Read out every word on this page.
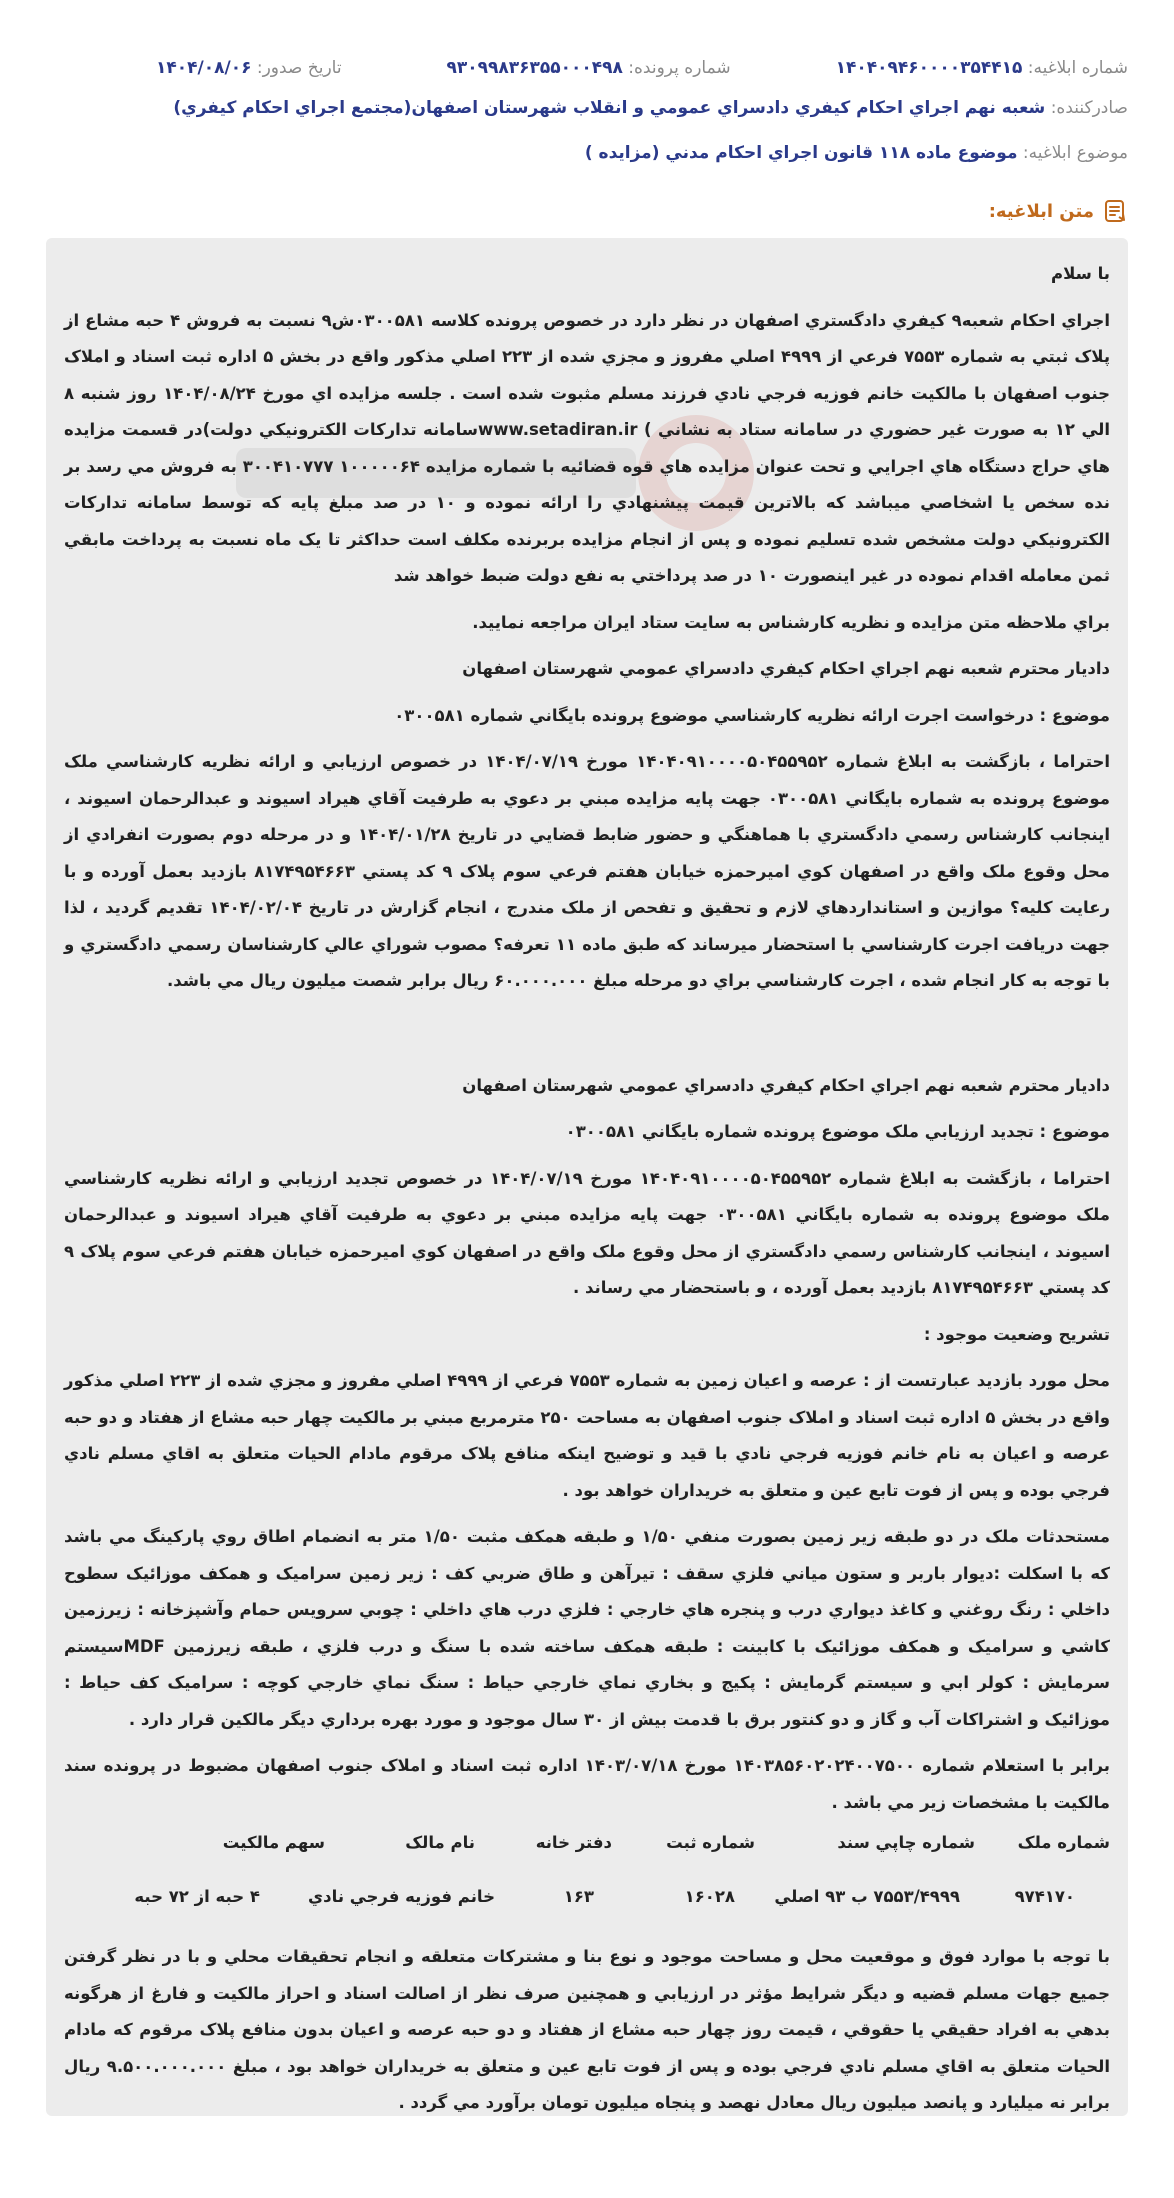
شماره ابلاغيه: ۱۴۰۴۰۹۴۶۰۰۰۰۳۵۴۴۱۵
شماره پرونده: ۹۳۰۹۹۸۳۶۳۵۵۰۰۰۴۹۸
تاريخ صدور: ۱۴۰۴/۰۸/۰۶
صادرکننده: شعبه نهم اجراي احکام کيفري دادسراي عمومي و انقلاب شهرستان اصفهان(مجتمع اجراي احکام کيفري)
موضوع ابلاغيه: موضوع ماده ۱۱۸ قانون اجراي احکام مدني (مزايده )
متن ابلاغيه:

با سلام

اجراي احکام شعبه۹ کيفري دادگستري اصفهان در نظر دارد در خصوص پرونده کلاسه ۰۳۰۰۵۸۱ش۹ نسبت به فروش ۴ حبه مشاع از پلاک ثبتي به شماره ۷۵۵۳ فرعي از ۴۹۹۹ اصلي مفروز و مجزي شده از ۲۲۳ اصلي مذکور واقع در بخش ۵ اداره ثبت اسناد و املاک جنوب اصفهان با مالکيت خانم فوزيه فرجي نادي فرزند مسلم مثبوت شده است . جلسه مزايده اي مورخ ۱۴۰۴/۰۸/۲۴ روز شنبه ۸ الي ۱۲ به صورت غير حضوري در سامانه ستاد به نشاني ) www.setadiran.irسامانه تدارکات الکترونيکي دولت)در قسمت مزايده هاي حراج دستگاه هاي اجرايي و تحت عنوان مزايده هاي قوه قضائيه با شماره مزايده ۱۰۰۰۰۰۶۴ ۳۰۰۴۱۰۷۷۷ به فروش مي رسد بر نده سخص يا اشخاصي ميباشد که بالاترين قيمت پيشنهادي را ارائه نموده و ۱۰ در صد مبلغ پايه که توسط سامانه تدارکات الکترونيکي دولت مشخص شده تسليم نموده و پس از انجام مزايده بربرنده مکلف است حداکثر تا يک ماه نسبت به پرداخت مابقي ثمن معامله اقدام نموده در غير اينصورت ۱۰ در صد پرداختي به نفع دولت ضبط خواهد شد

براي ملاحظه متن مزايده و نظريه کارشناس به سايت ستاد ايران مراجعه نماييد.

داديار محترم شعبه نهم اجراي احکام کيفري دادسراي عمومي شهرستان اصفهان

موضوع : درخواست اجرت ارائه نظريه کارشناسي موضوع پرونده بايگاني شماره ۰۳۰۰۵۸۱

احتراما ، بازگشت به ابلاغ شماره ۱۴۰۴۰۹۱۰۰۰۰۵۰۴۵۵۹۵۲ مورخ ۱۴۰۴/۰۷/۱۹ در خصوص ارزيابي و ارائه نظريه کارشناسي ملک موضوع پرونده به شماره بايگاني ۰۳۰۰۵۸۱ جهت پايه مزايده مبني بر دعوي به طرفيت آقاي هيراد اسيوند و عبدالرحمان اسيوند ، اينجانب کارشناس رسمي دادگستري با هماهنگي و حضور ضابط قضايي در تاريخ ۱۴۰۴/۰۱/۲۸ و در مرحله دوم بصورت انفرادي از محل وقوع ملک واقع در اصفهان کوي اميرحمزه خيابان هفتم فرعي سوم پلاک ۹ کد پستي ۸۱۷۴۹۵۴۶۶۳ بازديد بعمل آورده و با رعايت کليه؟ موازين و استانداردهاي لازم و تحقيق و تفحص از ملک مندرج ، انجام گزارش در تاريخ ۱۴۰۴/۰۲/۰۴ تقديم گرديد ، لذا جهت دريافت اجرت کارشناسي با استحضار ميرساند که طبق ماده ۱۱ تعرفه؟ مصوب شوراي عالي کارشناسان رسمي دادگستري و با توجه به کار انجام شده ، اجرت کارشناسي براي دو مرحله مبلغ ۶۰.۰۰۰.۰۰۰ ريال برابر شصت ميليون ريال مي باشد.

داديار محترم شعبه نهم اجراي احکام کيفري دادسراي عمومي شهرستان اصفهان

موضوع : تجديد ارزيابي ملک موضوع پرونده شماره بايگاني ۰۳۰۰۵۸۱

احتراما ، بازگشت به ابلاغ شماره ۱۴۰۴۰۹۱۰۰۰۰۵۰۴۵۵۹۵۲ مورخ ۱۴۰۴/۰۷/۱۹ در خصوص تجديد ارزيابي و ارائه نظريه کارشناسي ملک موضوع پرونده به شماره بايگاني ۰۳۰۰۵۸۱ جهت پايه مزايده مبني بر دعوي به طرفيت آقاي هيراد اسيوند و عبدالرحمان اسيوند ، اينجانب کارشناس رسمي دادگستري از محل وقوع ملک واقع در اصفهان کوي اميرحمزه خيابان هفتم فرعي سوم پلاک ۹ کد پستي ۸۱۷۴۹۵۴۶۶۳ بازديد بعمل آورده ، و باستحضار مي رساند .

تشريح وضعيت موجود :

محل مورد بازديد عبارتست از : عرصه و اعيان زمين به شماره ۷۵۵۳ فرعي از ۴۹۹۹ اصلي مفروز و مجزي شده از ۲۲۳ اصلي مذکور واقع در بخش ۵ اداره ثبت اسناد و املاک جنوب اصفهان به مساحت ۲۵۰ مترمربع مبني بر مالکيت چهار حبه مشاع از هفتاد و دو حبه عرصه و اعيان به نام خانم فوزيه فرجي نادي با قيد و توضيح اينکه منافع پلاک مرقوم مادام الحيات متعلق به اقاي مسلم نادي فرجي بوده و پس از فوت تابع عين و متعلق به خريداران خواهد بود .

مستحدثات ملک در دو طبقه زير زمين بصورت منفي ۱/۵۰ و طبقه همکف مثبت ۱/۵۰ متر به انضمام اطاق روي پارکينگ مي باشد که با اسکلت :ديوار باربر و ستون مياني فلزي سقف : تيرآهن و طاق ضربي کف : زير زمين سراميک و همکف موزائيک سطوح داخلي : رنگ روغني و کاغذ ديواري درب و پنجره هاي خارجي : فلزي درب هاي داخلي : چوبي سرويس حمام وآشپزخانه : زيرزمين کاشي و سراميک و همکف موزائيک با کابينت : طبقه همکف ساخته شده با سنگ و درب فلزي ، طبقه زيرزمين MDFسيستم سرمايش : کولر ابي و سيستم گرمايش : پکيج و بخاري نماي خارجي حياط : سنگ نماي خارجي کوچه : سراميک کف حياط : موزائيک و اشتراکات آب و گاز و دو کنتور برق با قدمت بيش از ۳۰ سال موجود و مورد بهره برداري ديگر مالکين قرار دارد .

برابر با استعلام شماره ۱۴۰۳۸۵۶۰۲۰۲۴۰۰۷۵۰۰ مورخ ۱۴۰۳/۰۷/۱۸ اداره ثبت اسناد و املاک جنوب اصفهان مضبوط در پرونده سند مالکيت با مشخصات زير مي باشد .

شماره ملک
شماره چاپي سند
شماره ثبت
دفتر خانه
نام مالک
سهم مالکيت
۹۷۴۱۷۰
۷۵۵۳/۴۹۹۹ ب ۹۳ اصلي
۱۶۰۲۸
۱۶۳
خانم فوزيه فرجي نادي
۴ حبه از ۷۲ حبه

با توجه با موارد فوق و موقعيت محل و مساحت موجود و نوع بنا و مشترکات متعلقه و انجام تحقيقات محلي و با در نظر گرفتن جميع جهات مسلم قضيه و ديگر شرايط مؤثر در ارزيابي و همچنين صرف نظر از اصالت اسناد و احراز مالکيت و فارغ از هرگونه بدهي به افراد حقيقي يا حقوقي ، قيمت روز چهار حبه مشاع از هفتاد و دو حبه عرصه و اعيان بدون منافع پلاک مرقوم که مادام الحيات متعلق به اقاي مسلم نادي فرجي بوده و پس از فوت تابع عين و متعلق به خريداران خواهد بود ، مبلغ ۹.۵۰۰.۰۰۰.۰۰۰ ريال برابر نه ميليارد و پانصد ميليون ريال معادل نهصد و پنجاه ميليون تومان برآورد مي گردد .
